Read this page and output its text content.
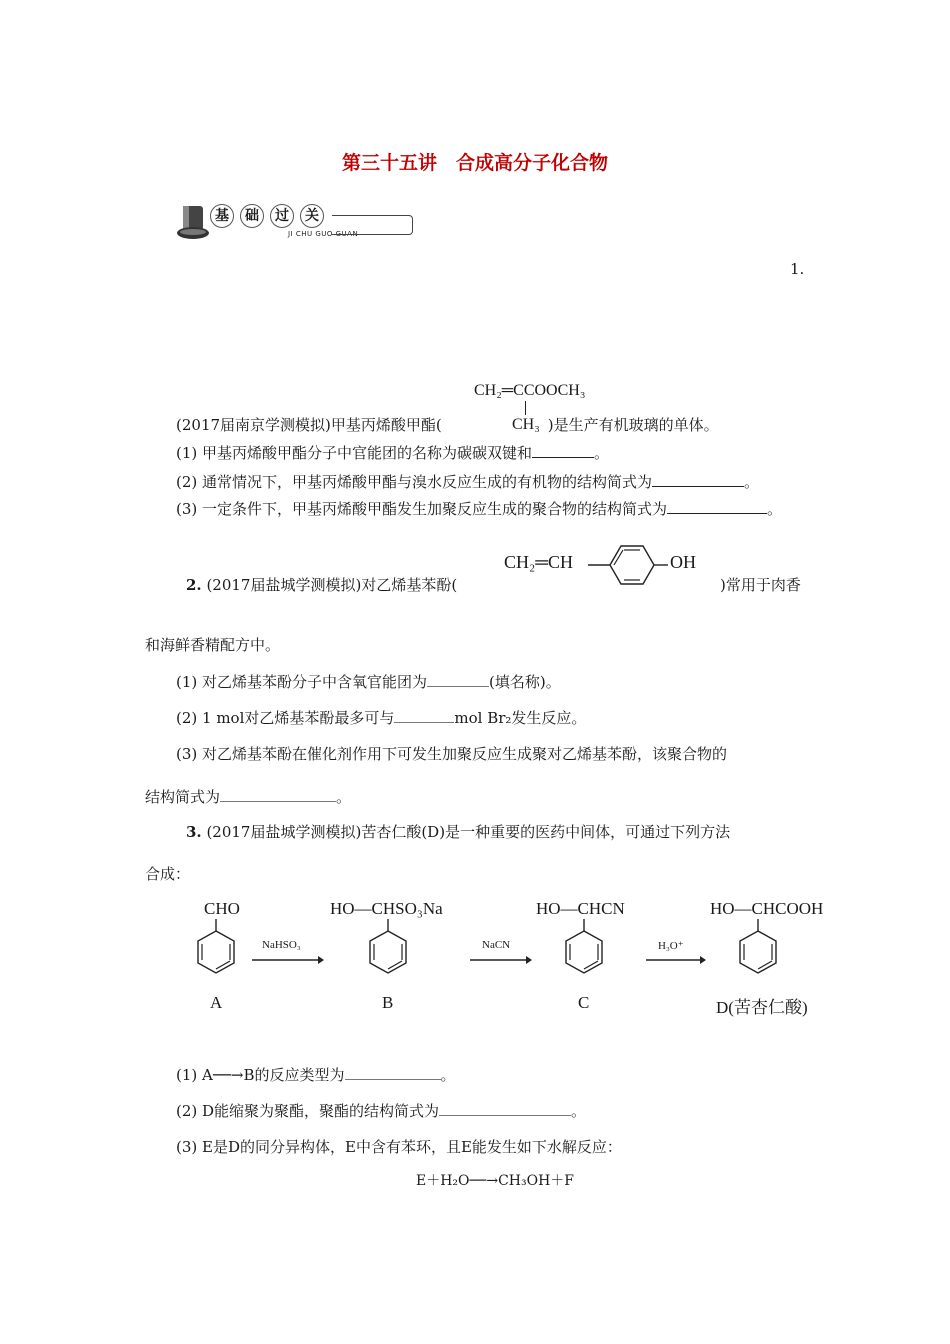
第三十五讲　合成高分子化合物
基	础	过	关
JI CHU GUO GUAN
1.
CH₂═CCOOCH₃
CH₃
(2017届南京学测模拟)甲基丙烯酸甲酯(	)是生产有机玻璃的单体。
(1) 甲基丙烯酸甲酯分子中官能团的名称为碳碳双键和	。
(2) 通常情况下，甲基丙烯酸甲酯与溴水反应生成的有机物的结构简式为	。
(3) 一定条件下，甲基丙烯酸甲酯发生加聚反应生成的聚合物的结构简式为	。
2. (2017届盐城学测模拟)对乙烯基苯酚(
CH₂═CH	OH
)常用于肉香
和海鲜香精配方中。
(1) 对乙烯基苯酚分子中含氧官能团为	(填名称)。
(2) 1 mol对乙烯基苯酚最多可与	mol Br₂发生反应。
(3) 对乙烯基苯酚在催化剂作用下可发生加聚反应生成聚对乙烯基苯酚，该聚合物的
结构简式为	。
3. (2017届盐城学测模拟)苦杏仁酸(D)是一种重要的医药中间体，可通过下列方法
合成：
CHO
A
NaHSO₃
HO—CHSO₃Na
B
NaCN
HO—CHCN
C
H₃O⁺
HO—CHCOOH
D(苦杏仁酸)
(1) A──→B的反应类型为	。
(2) D能缩聚为聚酯，聚酯的结构简式为	。
(3) E是D的同分异构体，E中含有苯环，且E能发生如下水解反应：
E＋H₂O──→CH₃OH＋F
